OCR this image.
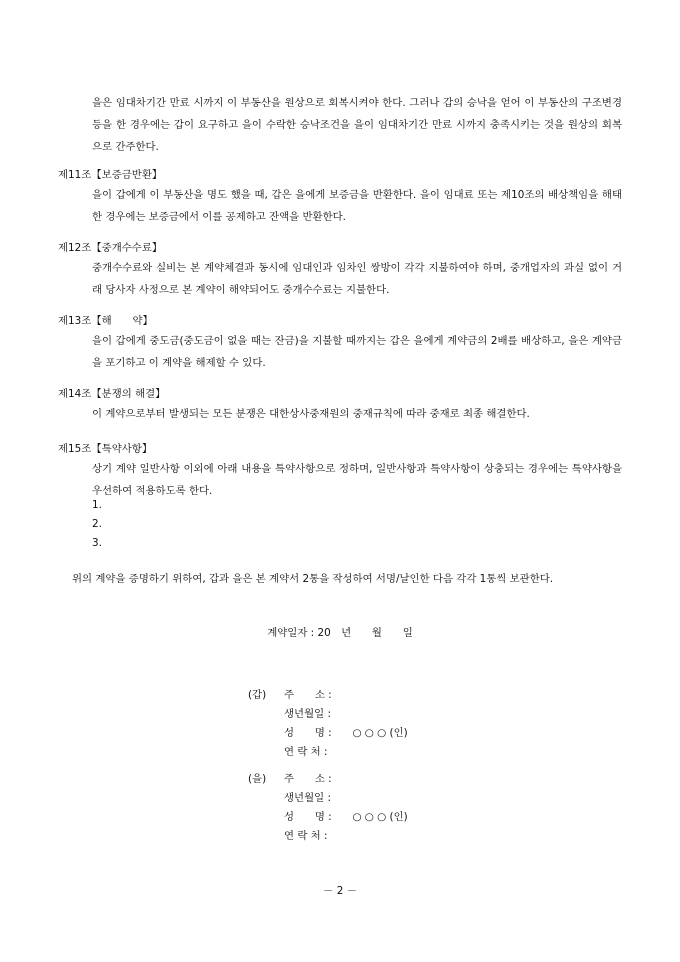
을은 임대차기간 만료 시까지 이 부동산을 원상으로 회복시켜야 한다. 그러나 갑의 승낙을 얻어 이 부동산의 구조변경 등을 한 경우에는 갑이 요구하고 을이 수락한 승낙조건을 을이 임대차기간 만료 시까지 충족시키는 것을 원상의 회복으로 간주한다.
제11조【보증금반환】
을이 갑에게 이 부동산을 명도 했을 때, 갑은 을에게 보증금을 반환한다. 을이 임대료 또는 제10조의 배상책임을 해태한 경우에는 보증금에서 이를 공제하고 잔액을 반환한다.
제12조【중개수수료】
중개수수료와 실비는 본 계약체결과 동시에 임대인과 임차인 쌍방이 각각 지불하여야 하며, 중개업자의 과실 없이 거래 당사자 사정으로 본 계약이 해약되어도 중개수수료는 지불한다.
제13조【해　　약】
을이 갑에게 중도금(중도금이 없을 때는 잔금)을 지불할 때까지는 갑은 을에게 계약금의 2배를 배상하고, 을은 계약금을 포기하고 이 계약을 해제할 수 있다.
제14조【분쟁의 해결】
이 계약으로부터 발생되는 모든 분쟁은 대한상사중재원의 중재규칙에 따라 중재로 최종 해결한다.
제15조【특약사항】
상기 계약 일반사항 이외에 아래 내용을 특약사항으로 정하며, 일반사항과 특약사항이 상충되는 경우에는 특약사항을 우선하여 적용하도록 한다.
1.
2.
3.
위의 계약을 증명하기 위하여, 갑과 을은 본 계약서 2통을 작성하여 서명/날인한 다음 각각 1통씩 보관한다.
계약일자 : 20　년　　월　　일
(갑) 주　　소 :
생년월일 :
성　　명 :　　○ ○ ○ (인)
연 락 처 :
(을) 주　　소 :
생년월일 :
성　　명 :　　○ ○ ○ (인)
연 락 처 :
－ 2 －
